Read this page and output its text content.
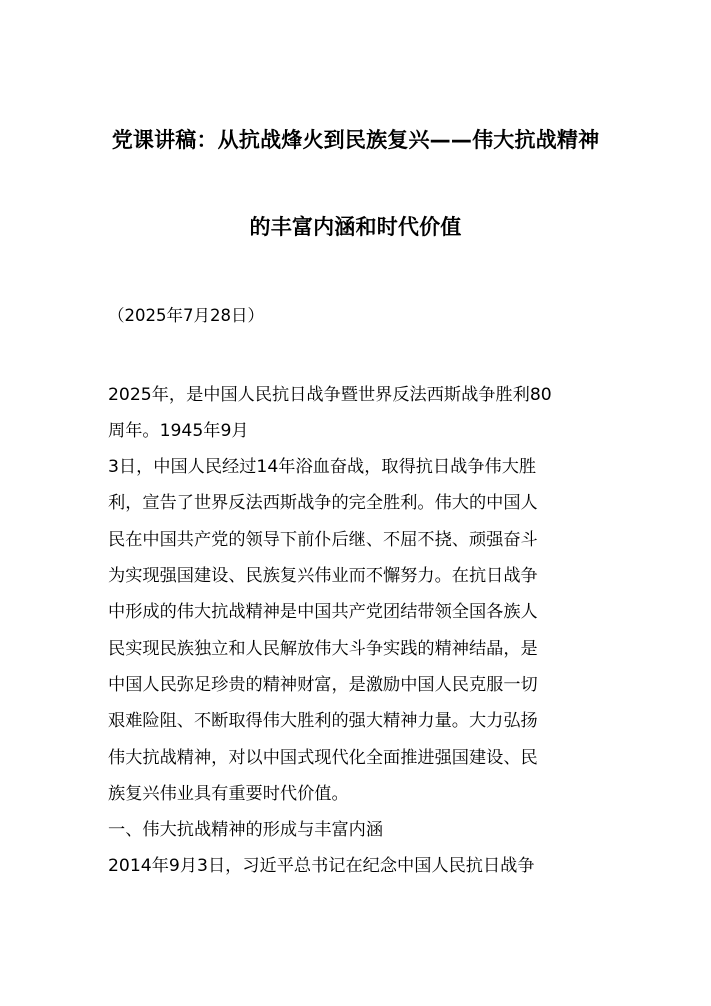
党课讲稿：从抗战烽火到民族复兴——伟大抗战精神
的丰富内涵和时代价值
（2025年7月28日）
2025年，是中国人民抗日战争暨世界反法西斯战争胜利80
周年。1945年9月
3日，中国人民经过14年浴血奋战，取得抗日战争伟大胜
利，宣告了世界反法西斯战争的完全胜利。伟大的中国人
民在中国共产党的领导下前仆后继、不屈不挠、顽强奋斗
为实现强国建设、民族复兴伟业而不懈努力。在抗日战争
中形成的伟大抗战精神是中国共产党团结带领全国各族人
民实现民族独立和人民解放伟大斗争实践的精神结晶，是
中国人民弥足珍贵的精神财富，是激励中国人民克服一切
艰难险阻、不断取得伟大胜利的强大精神力量。大力弘扬
伟大抗战精神，对以中国式现代化全面推进强国建设、民
族复兴伟业具有重要时代价值。
一、伟大抗战精神的形成与丰富内涵
2014年9月3日，习近平总书记在纪念中国人民抗日战争
